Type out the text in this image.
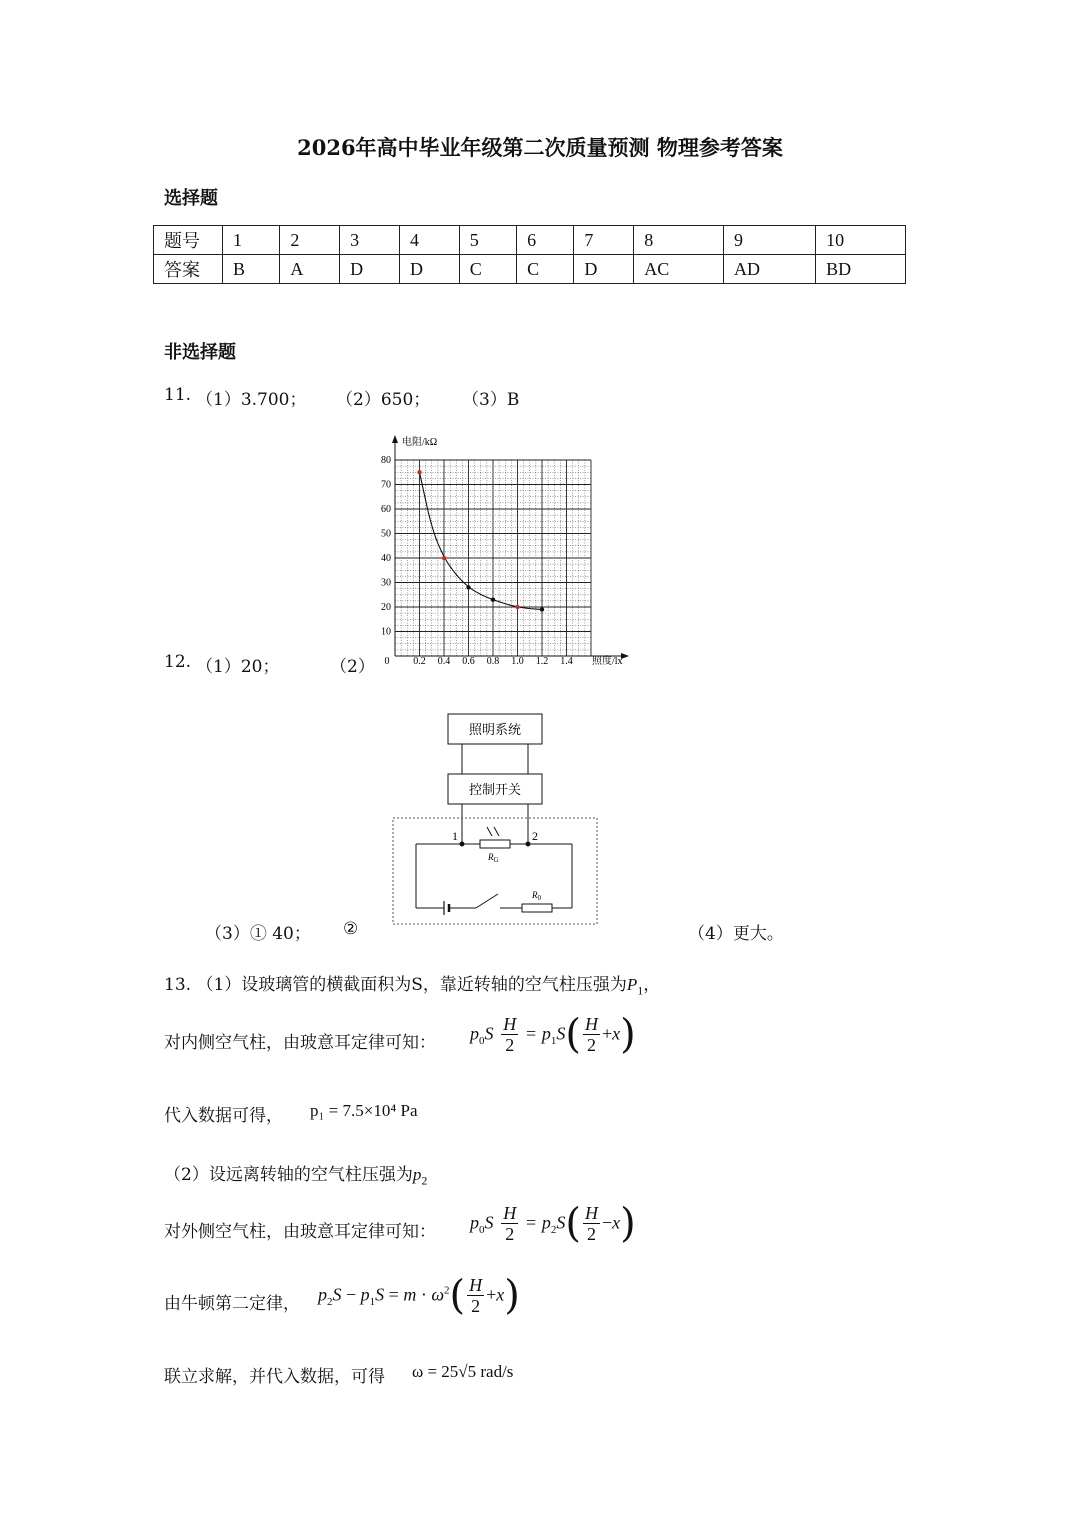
2026年高中毕业年级第二次质量预测 物理参考答案
选择题
题号	1	2	3	4	5	6	7	8	9	10
答案	B	A	D	D	C	C	D	AC	AD	BD
非选择题
11. （1）3.700； （2）650； （3）B
电阻/kΩ
照度/lx
10
20
30
40
50
60
70
80
0 0.2 0.4 0.6 0.8 1.0 1.2 1.4
12. （1）20；	（2）
照明系统
控制开关
1	2
$R_G$
$R_0$
（3）① 40； ②	（4）更大。
13. （1）设玻璃管的横截面积为S，靠近转轴的空气柱压强为$P_1$，
对内侧空气柱，由玻意耳定律可知： $p_0S \frac{H}{2} = p_1S( \frac{H}{2} +x)$
代入数据可得， p₁ = 7.5×10⁴ Pa
（2）设远离转轴的空气柱压强为$p_2$
对外侧空气柱，由玻意耳定律可知： $p_0S \frac{H}{2} = p_2S( \frac{H}{2} -x)$
由牛顿第二定律， $p_2S - p_1S = m \cdot \omega^2( \frac{H}{2} +x)$
联立求解，并代入数据，可得 ω = 25√5 rad/s
